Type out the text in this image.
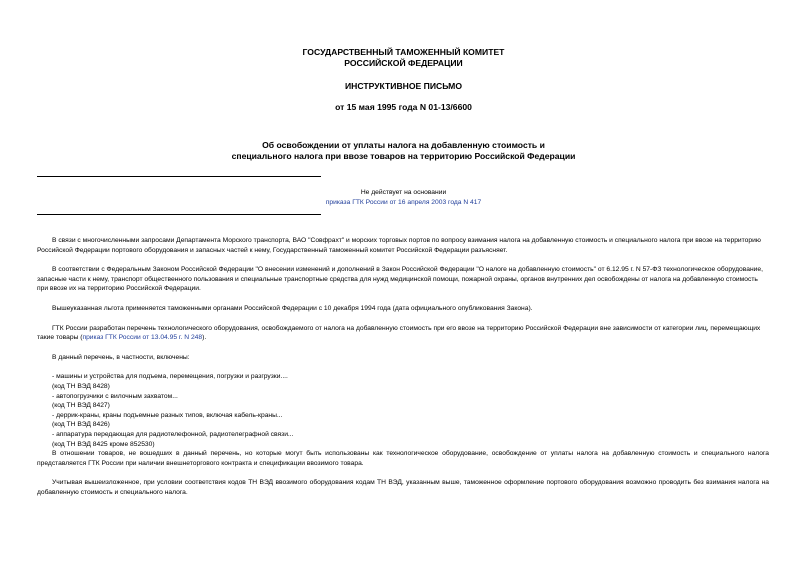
ГОСУДАРСТВЕННЫЙ ТАМОЖЕННЫЙ КОМИТЕТ
РОССИЙСКОЙ ФЕДЕРАЦИИ
ИНСТРУКТИВНОЕ ПИСЬМО
от 15 мая 1995 года N 01-13/6600
Об освобождении от уплаты налога на добавленную стоимость и
специального налога при ввозе товаров на территорию Российской Федерации
Не действует на основании
приказа ГТК России от 16 апреля 2003 года N 417

В связи с многочисленными запросами Департамента Морского транспорта, ВАО "Совфрахт" и морских торговых портов по вопросу взимания налога на добавленную стоимость и специального налога при ввозе на территорию Российской Федерации портового оборудования и запасных частей к нему, Государственный таможенный комитет Российской Федерации разъясняет.

В соответствии с Федеральным Законом Российской Федерации "О внесении изменений и дополнений в Закон Российской Федерации "О налоге на добавленную стоимость" от 6.12.95 г. N 57-ФЗ технологическое оборудование, запасные части к нему, транспорт общественного пользования и специальные транспортные средства для нужд медицинской помощи, пожарной охраны, органов внутренних дел освобождены от налога на добавленную стоимость при ввозе их на территорию Российской Федерации.

Вышеуказанная льгота применяется таможенными органами Российской Федерации с 10 декабря 1994 года (дата официального опубликования Закона).

ГТК России разработан перечень технологического оборудования, освобождаемого от налога на добавленную стоимость при его ввозе на территорию Российской Федерации вне зависимости от категории лиц, перемещающих такие товары (приказ ГТК России от 13.04.95 г. N 248).

В данный перечень, в частности, включены:

- машины и устройства для подъема, перемещения, погрузки и разгрузки....

(код ТН ВЭД 8428)

- автопогрузчики с вилочным захватом...

(код ТН ВЭД 8427)

- деррик-краны, краны подъемные разных типов, включая кабель-краны...

(код ТН ВЭД 8426)

- аппаратура передающая для радиотелефонной, радиотелеграфной связи...

(код ТН ВЭД 8425 кроме 852530)

В отношении товаров, не вошедших в данный перечень, но которые могут быть использованы как технологическое оборудование, освобождение от уплаты налога на добавленную стоимость и специального налога представляется ГТК России при наличии внешнеторгового контракта и спецификации ввозимого товара.

Учитывая вышеизложенное, при условии соответствия кодов ТН ВЭД ввозимого оборудования кодам ТН ВЭД, указанным выше, таможенное оформление портового оборудования возможно проводить без взимания налога на добавленную стоимость и специального налога.
